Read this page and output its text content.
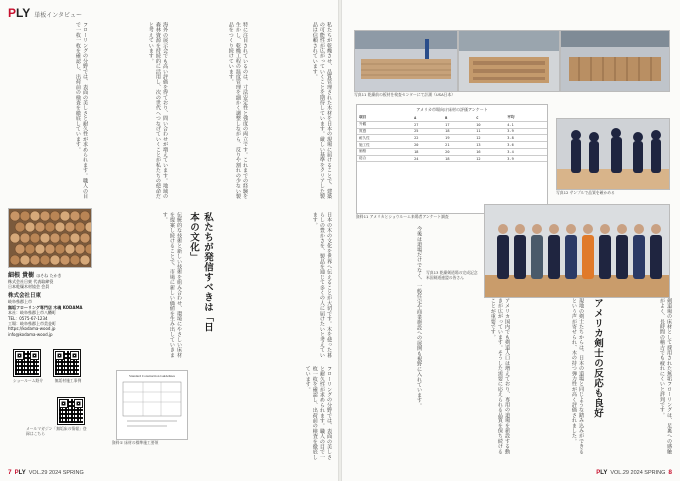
PLY 単板インタビュー
私たちが乾燥させ、品質管理された木材を日本の現場に届けることで、建築の可能性が広がっていくことを期待しています。厳しい基準をクリアした製品は信頼されています。
特に注目されているのは、寸法安定性と強度の両立です。これまでの経験を生かし、乾燥工程の温度管理を細かく調整しながら、反りや割れの少ない製品をつくり続けています。
海外の展示会でも高い評価を得ており、問い合わせが増えています。地域の森林資源を持続的に活用し、次の世代へつなげていくことが私たちの使命だと考えています。
フローリングの分野では、表面の美しさと耐久性が求められます。職人の目で一枚一枚を確認し、出荷前の検査を徹底しています。
私たちが発信すべきは「日本の文化」	日本の木の文化を世界へ伝えることが大切です。木を使った暮らしの豊かさを、製品を通じて多くの人に届けたいと考えています。
伝統的な技術と新しい技術を組み合わせ、環境にやさしい床材を提案し続けることで、市場に新しい価値を生み出していきます。
細根 貴樹 ほそね たかき
株式会社日東 代表取締役
日本乾燥木材協会 会員
株式会社日東
岐阜県郡上市
無垢フローリング専門店 木魂 KODAMA
本社：岐阜県郡上市八幡町
TEL：0575-67-1234
工場：岐阜県郡上市美並町
https://kodama-wood.jp
info@kodama-wood.jp
ショールーム紹介	無垢材施工事例
メールマガジン「無垢床の情報」登録はこちら
Standard Construction Guidelines
資料① 床材の標準施工要領	フローリングの分野では、表面の美しさと耐久性が求められます。職人の目で一枚一枚を確認し、出荷前の検査を徹底しています。
7 PLY VOL.29 2024 SPRING
写真11 乾燥前の板材を検査センターにて計測（USA日本）
アメリカ市場向け床材の評価アンケート
項目	A	B	C	平均
外観	27	17	10	4.1
質感	25	18	11	3.9
耐久性	22	19	12	3.8
施工性	20	21	13	3.6
価格	18	20	16	3.4
総合	24	18	12	3.9
資料11 アメリカとショウルーム来場者アンケート調査
写真12 サンプルで品質を確かめる
写真13 乾燥剣道場の完成記念 米国剣道連盟の皆さん
剣道場の床材として採用された無垢フローリングは、足裏への感触がよく、長時間の稽古でも疲れにくいと評判です。
アメリカ剣士の反応も良好
現地の剣士たちからは、日本の道場と同じような踏み込みができるという声が寄せられ、木の持つ弾力性が高く評価されました。
アメリカ国内でも剣道人口は増えており、専用の道場を新設する動きが広がっています。そうした需要に応えられる品質を保ち続けることが重要です。
今後は道場だけでなく、一般住宅や商業施設への展開も視野に入れています。
PLY VOL.29 2024 SPRING 8
